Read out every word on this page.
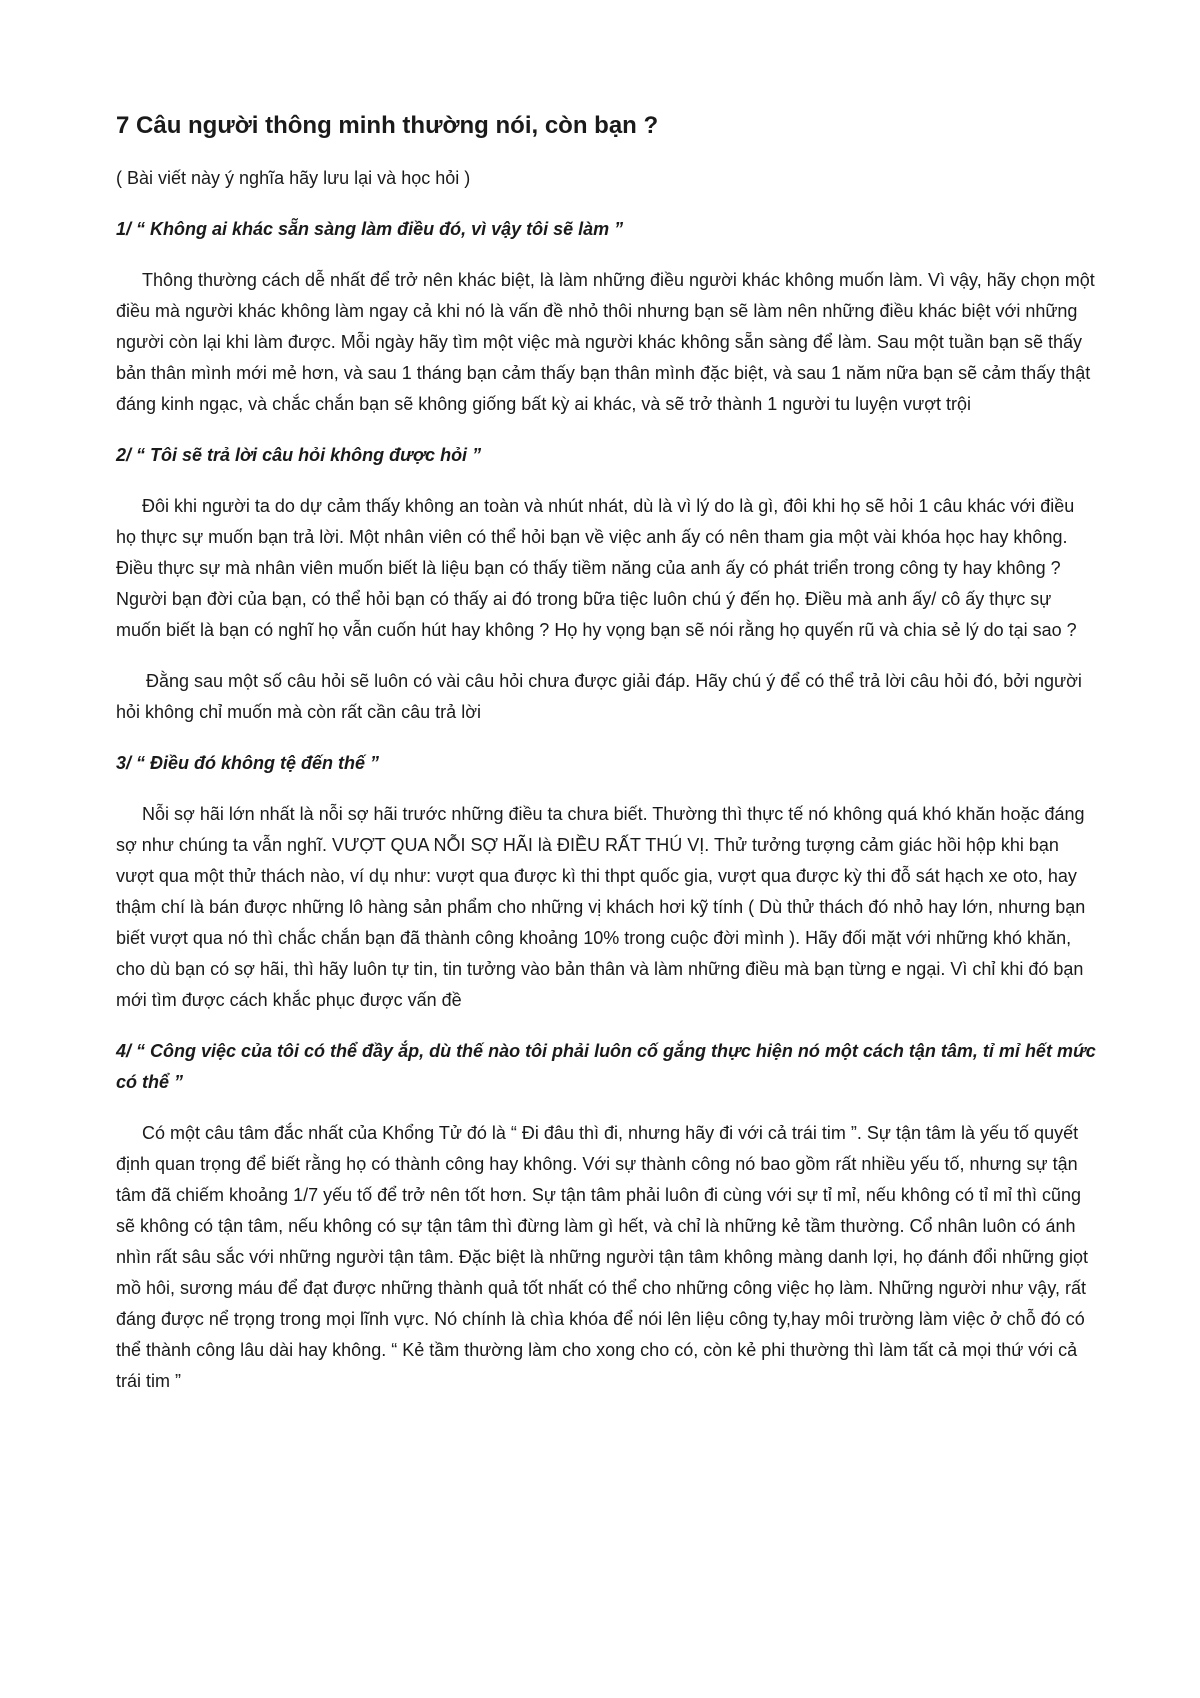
7 Câu người thông minh thường nói, còn bạn ?

( Bài viết này ý nghĩa hãy lưu lại và học hỏi )

1/ “ Không ai khác sẵn sàng làm điều đó, vì vậy tôi sẽ làm ”

Thông thường cách dễ nhất để trở nên khác biệt, là làm những điều người khác không muốn làm. Vì vậy, hãy chọn một điều mà người khác không làm ngay cả khi nó là vấn đề nhỏ thôi nhưng bạn sẽ làm nên những điều khác biệt với những người còn lại khi làm được. Mỗi ngày hãy tìm một việc mà người khác không sẵn sàng để làm. Sau một tuần bạn sẽ thấy bản thân mình mới mẻ hơn, và sau 1 tháng bạn cảm thấy bạn thân mình đặc biệt, và sau 1 năm nữa bạn sẽ cảm thấy thật đáng kinh ngạc, và chắc chắn bạn sẽ không giống bất kỳ ai khác, và sẽ trở thành 1 người tu luyện vượt trội

2/ “ Tôi sẽ trả lời câu hỏi không được hỏi ”

Đôi khi người ta do dự cảm thấy không an toàn và nhút nhát, dù là vì lý do là gì, đôi khi họ sẽ hỏi 1 câu khác với điều họ thực sự muốn bạn trả lời. Một nhân viên có thể hỏi bạn về việc anh ấy có nên tham gia một vài khóa học hay không. Điều thực sự mà nhân viên muốn biết là liệu bạn có thấy tiềm năng của anh ấy có phát triển trong công ty hay không ? Người bạn đời của bạn, có thể hỏi bạn có thấy ai đó trong bữa tiệc luôn chú ý đến họ. Điều mà anh ấy/ cô ấy thực sự muốn biết là bạn có nghĩ họ vẫn cuốn hút hay không ? Họ hy vọng bạn sẽ nói rằng họ quyến rũ và chia sẻ lý do tại sao ?

Đằng sau một số câu hỏi sẽ luôn có vài câu hỏi chưa được giải đáp. Hãy chú ý để có thể trả lời câu hỏi đó, bởi người hỏi không chỉ muốn mà còn rất cần câu trả lời

3/ “ Điều đó không tệ đến thế ”

Nỗi sợ hãi lớn nhất là nỗi sợ hãi trước những điều ta chưa biết. Thường thì thực tế nó không quá khó khăn hoặc đáng sợ như chúng ta vẫn nghĩ. VƯỢT QUA NỖI SỢ HÃI là ĐIỀU RẤT THÚ VỊ. Thử tưởng tượng cảm giác hồi hộp khi bạn vượt qua một thử thách nào, ví dụ như: vượt qua được kì thi thpt quốc gia, vượt qua được kỳ thi đỗ sát hạch xe oto, hay thậm chí là bán được những lô hàng sản phẩm cho những vị khách hơi kỹ tính ( Dù thử thách đó nhỏ hay lớn, nhưng bạn biết vượt qua nó thì chắc chắn bạn đã thành công khoảng 10% trong cuộc đời mình ). Hãy đối mặt với những khó khăn, cho dù bạn có sợ hãi, thì hãy luôn tự tin, tin tưởng vào bản thân và làm những điều mà bạn từng e ngại. Vì chỉ khi đó bạn mới tìm được cách khắc phục được vấn đề

4/ “ Công việc của tôi có thể đầy ắp, dù thế nào tôi phải luôn cố gắng thực hiện nó một cách tận tâm, tỉ mỉ hết mức có thể ”

Có một câu tâm đắc nhất của Khổng Tử đó là “ Đi đâu thì đi, nhưng hãy đi với cả trái tim ”. Sự tận tâm là yếu tố quyết định quan trọng để biết rằng họ có thành công hay không. Với sự thành công nó bao gồm rất nhiều yếu tố, nhưng sự tận tâm đã chiếm khoảng 1/7 yếu tố để trở nên tốt hơn. Sự tận tâm phải luôn đi cùng với sự tỉ mỉ, nếu không có tỉ mỉ thì cũng sẽ không có tận tâm, nếu không có sự tận tâm thì đừng làm gì hết, và chỉ là những kẻ tầm thường. Cổ nhân luôn có ánh nhìn rất sâu sắc với những người tận tâm. Đặc biệt là những người tận tâm không màng danh lợi, họ đánh đổi những giọt mồ hôi, sương máu để đạt được những thành quả tốt nhất có thể cho những công việc họ làm. Những người như vậy, rất đáng được nể trọng trong mọi lĩnh vực. Nó chính là chìa khóa để nói lên liệu công ty,hay môi trường làm việc ở chỗ đó có thể thành công lâu dài hay không. “ Kẻ tầm thường làm cho xong cho có, còn kẻ phi thường thì làm tất cả mọi thứ với cả trái tim ”
